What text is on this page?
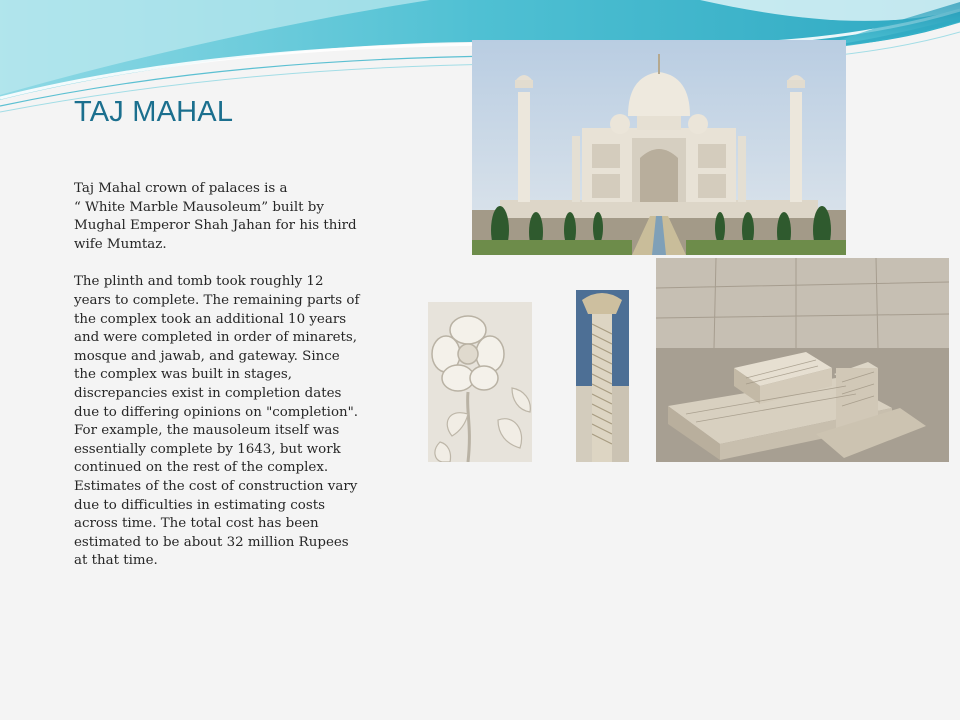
TAJ MAHAL

Taj Mahal crown of palaces is a

“ White Marble Mausoleum” built by Mughal Emperor Shah Jahan for his third wife Mumtaz.

The plinth and tomb took roughly 12 years to complete. The remaining parts of the complex took an additional 10 years and were completed in order of minarets, mosque and jawab, and gateway. Since the complex was built in stages, discrepancies exist in completion dates due to differing opinions on "completion". For example, the mausoleum itself was essentially complete by 1643, but work continued on the rest of the complex. Estimates of the cost of construction vary due to difficulties in estimating costs across time. The total cost has been estimated to be about 32 million Rupees at that time.
